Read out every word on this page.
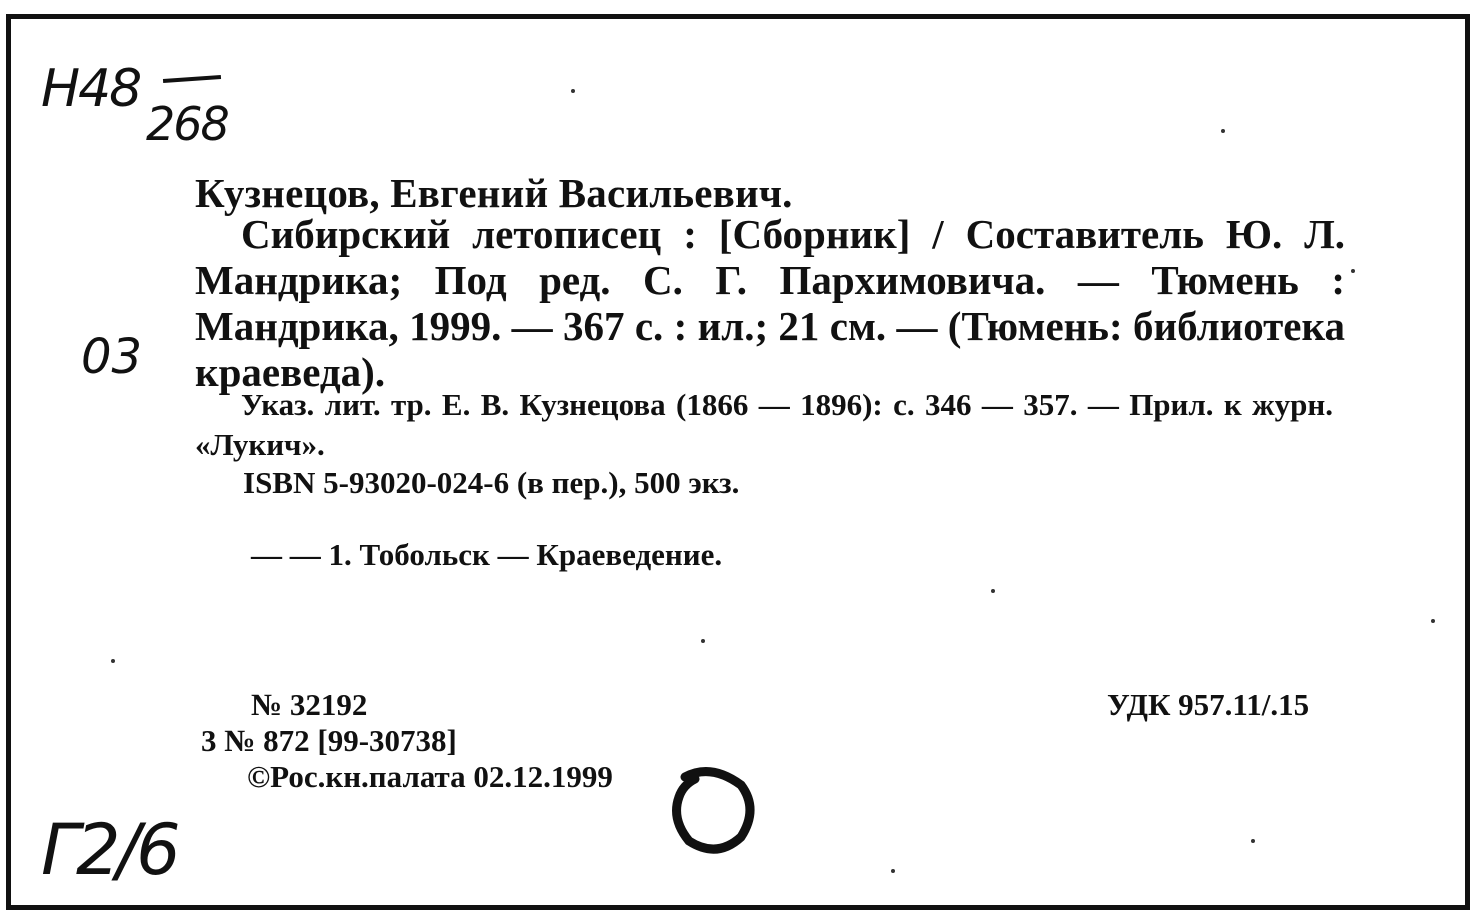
Н48
268
Кузнецов, Евгений Васильевич.
Сибирский летописец : [Сборник] / Составитель Ю. Л. Мандрика; Под ред. С. Г. Пархимовича. — Тюмень : Мандрика, 1999. — 367 с. : ил.; 21 см. — (Тюмень: библиотека краеведа).
03
Указ. лит. тр. Е. В. Кузнецова (1866 — 1896): с. 346 — 357. — Прил. к журн. «Лукич».
ISBN 5-93020-024-6 (в пер.), 500 экз.
— — 1. Тобольск — Краеведение.
№ 32192
3 № 872 [99-30738]
©Рос.кн.палата 02.12.1999
УДК 957.11/.15
Г2/6
